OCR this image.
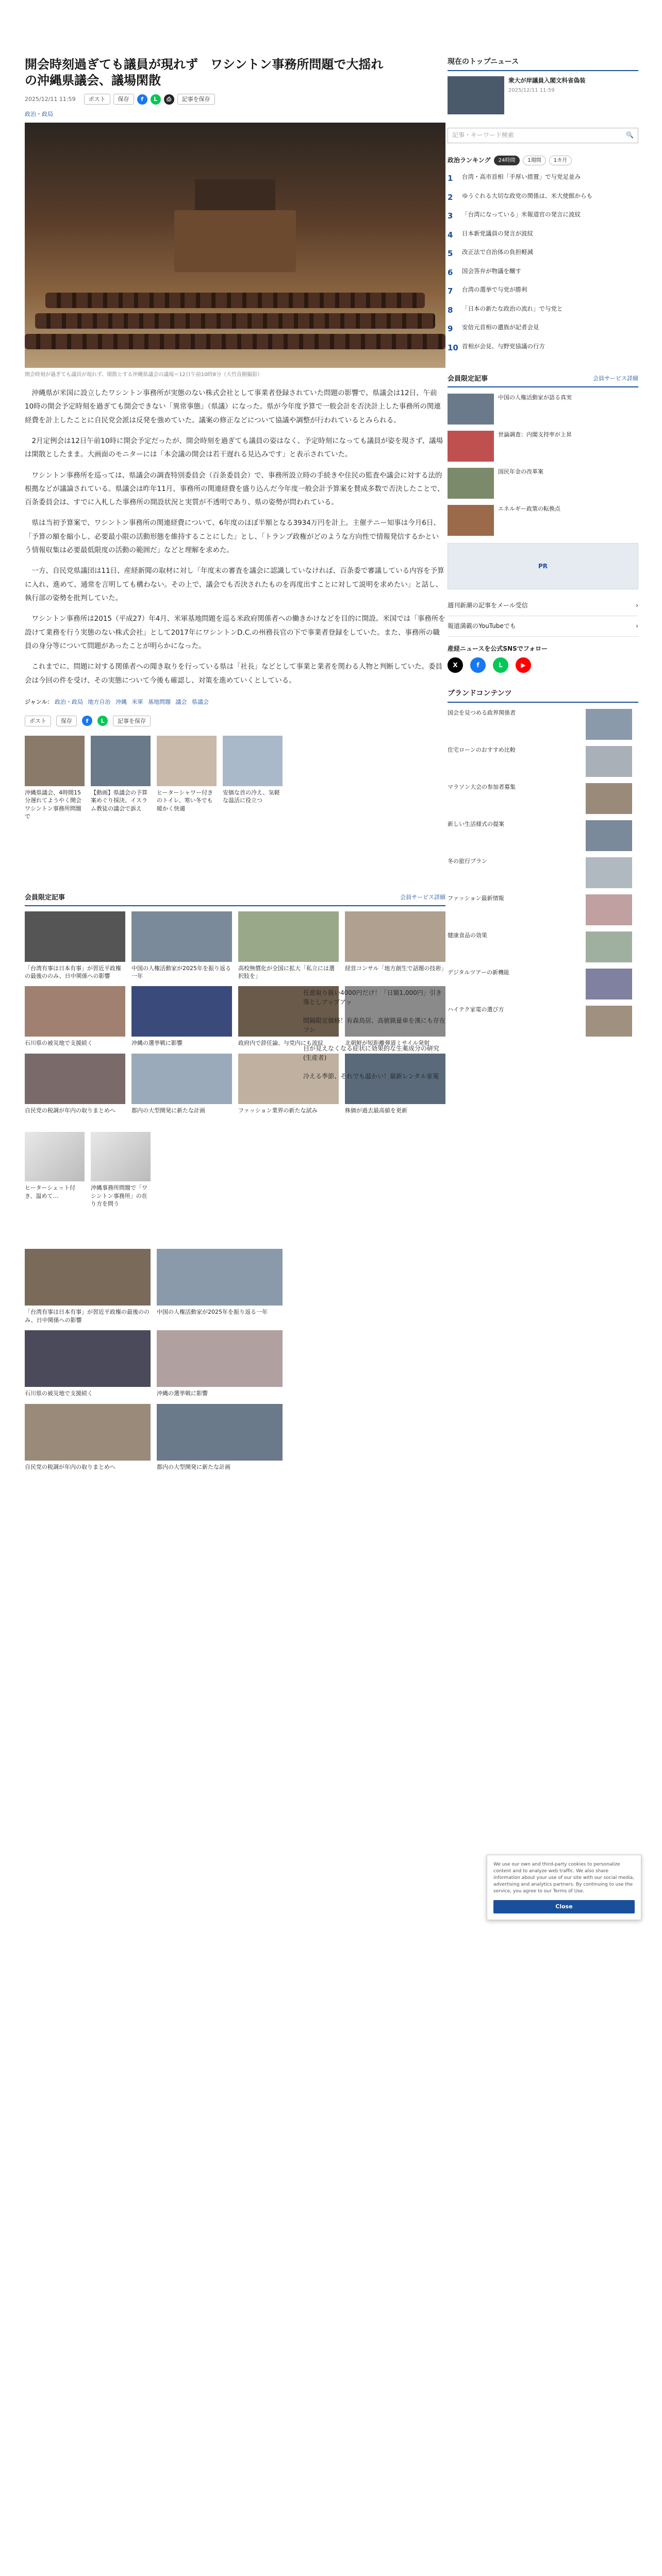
開会時刻過ぎても議員が現れず　ワシントン事務所問題で大揺れ
の沖縄県議会、議場閑散
2025/12/11 11:59	ポスト	保存	f	L	⎙	記事を保存
政治・政局
開会時刻が過ぎても議員が現れず、閑散とする沖縄県議会の議場＝12日午前10時8分（大竹直樹撮影）

沖縄県が米国に設立したワシントン事務所が実態のない株式会社として事業者登録されていた問題の影響で、県議会は12日、午前10時の開会予定時刻を過ぎても開会できない「異常事態」（県議）になった。県が今年度予算で一般会計を否決計上した事務所の関連経費を計上したことに自民党会派は反発を強めていた。議案の修正などについて協議や調整が行われているとみられる。

2月定例会は12日午前10時に開会予定だったが、開会時刻を過ぎても議員の姿はなく、予定時刻になっても議員が姿を現さず、議場は閑散としたまま。大画面のモニターには「本会議の開会は若干遅れる見込みです」と表示されていた。

ワシントン事務所を巡っては、県議会の調査特別委員会（百条委員会）で、事務所設立時の手続きや住民の監査や議会に対する法的根拠などが議論されている。県議会は昨年11月、事務所の関連経費を盛り込んだ今年度一般会計予算案を賛成多数で否決したことで、百条委員会は、すでに入札した事務所の開設状況と実質が不透明であり、県の姿勢が問われている。

県は当初予算案で、ワシントン事務所の関連経費について、6年度のほぼ半額となる3934万円を計上。主催テニー知事は今月6日、「予算の額を縮小し、必要最小限の活動形態を維持することにした」とし、「トランプ政権がどのような方向性で情報発信するかという情報収集は必要最低限度の活動の範囲だ」などと理解を求めた。

一方、自民党県議団は11日、産経新聞の取材に対し「年度末の審査を議会に認識していなければ、百条委で審議している内容を予算に入れ、進めて、通常を言明しても構わない。その上で、議会でも否決されたものを再度出すことに対して説明を求めたい」と話し、執行部の姿勢を批判していた。

ワシントン事務所は2015（平成27）年4月、米軍基地問題を巡る米政府関係者への働きかけなどを目的に開設。米国では「事務所を設けて業務を行う実態のない株式会社」として2017年にワシントンD.C.の州務長官の下で事業者登録をしていた。また、事務所の職員の身分等について問題があったことが明らかになった。

これまでに、問題に対する関係者への聞き取りを行っている県は「社長」などとして事業と業者を関わる人物と判断していた。委員会は今回の件を受け、その実態について今後も確認し、対策を進めていくとしている。

ジャンル： 政治・政局 地方自治 沖縄 米軍 基地問題 議会 県議会
ポスト	保存	f	L	記事を保存
沖縄県議会、4時間15分遅れてようやく開会 ワシントン事務所問題で
【動画】県議会の予算案めぐり採決、イスラム教徒の議会で訴え
ヒーターシャワー付きのトイレ、寒い冬でも暖かく快適
安価な首の冷え、気軽な温活に役立つ
任意取り扱い4000円だけ！「日額1,000円」引き落としアップアッ
間隔限定価格！有森鳥居、高値猟量車を漢にも存在フシ
目が見えなくなる症状に効果的な生薬成分の研究 (生産者)
冷える季節、それでも温かい！最新レンタル家電
会員限定記事	会員サービス詳細
「台湾有事は日本有事」が習近平政権の最後ののみ、日中関係への影響
中国の人権活動家が2025年を振り返る一年
高校無償化が全国に拡大「私立には選択肢を」
経営コンサル「地方創生で話題の技術」
石川県の被災地で支援続く	沖縄の選挙戦に影響	政府内で辞任論、与党内にも波紋	北朝鮮が短距離弾道ミサイル発射
自民党の税調が年内の取りまとめへ	都内の大型開発に新たな計画	ファッション業界の新たな試み	株価が過去最高値を更新
ヒーターシェット付き、温めて…
沖縄事務所問題で「ワシントン事務所」の在り方を問う
「台湾有事は日本有事」が習近平政権の最後ののみ、日中関係への影響
中国の人権活動家が2025年を振り返る一年
石川県の被災地で支援続く	沖縄の選挙戦に影響
自民党の税調が年内の取りまとめへ	都内の大型開発に新たな計画
現在のトップニュース
衆大が岸議員入閣文科省偽装
2025/12/11 11:59
記事・キーワード検索	🔍
政治ランキング	24時間	1週間	1カ月
1	台湾・高市首相「手厚い措置」で与党足並み
2	ゆうぐれる大切な政党の関係は、米大使館からも
3	「台湾になっている」米報道官の発言に波紋
4	日本新党議員の発言が波紋
5	改正法で自治体の負担軽減
6	国会答弁が物議を醸す
7	台湾の選挙で与党が勝利
8	「日本の新たな政治の流れ」で与党と
9	安倍元首相の遺族が記者会見
10 首相が会見、与野党協議の行方
会員限定記事	会員サービス詳細
中国の人権活動家が語る真実
世論調査：内閣支持率が上昇
国民年金の改革案
エネルギー政策の転換点
PR
週刊新潮の記事をメール受信	›
報道満載のYouTubeでも	›
産経ニュースを公式SNSでフォロー
X	f	L	▶
ブランドコンテンツ
国会を見つめる政界関係者
住宅ローンのおすすめ比較
マラソン大会の参加者募集
新しい生活様式の提案
冬の旅行プラン
ファッション最新情報
健康食品の効果
デジタルツアーの新機能
ハイテク家電の選び方
We use our own and third-party cookies to personalize content and to analyze web traffic. We also share information about your use of our site with our social media, advertising and analytics partners. By continuing to use the service, you agree to our Terms of Use.
Close
